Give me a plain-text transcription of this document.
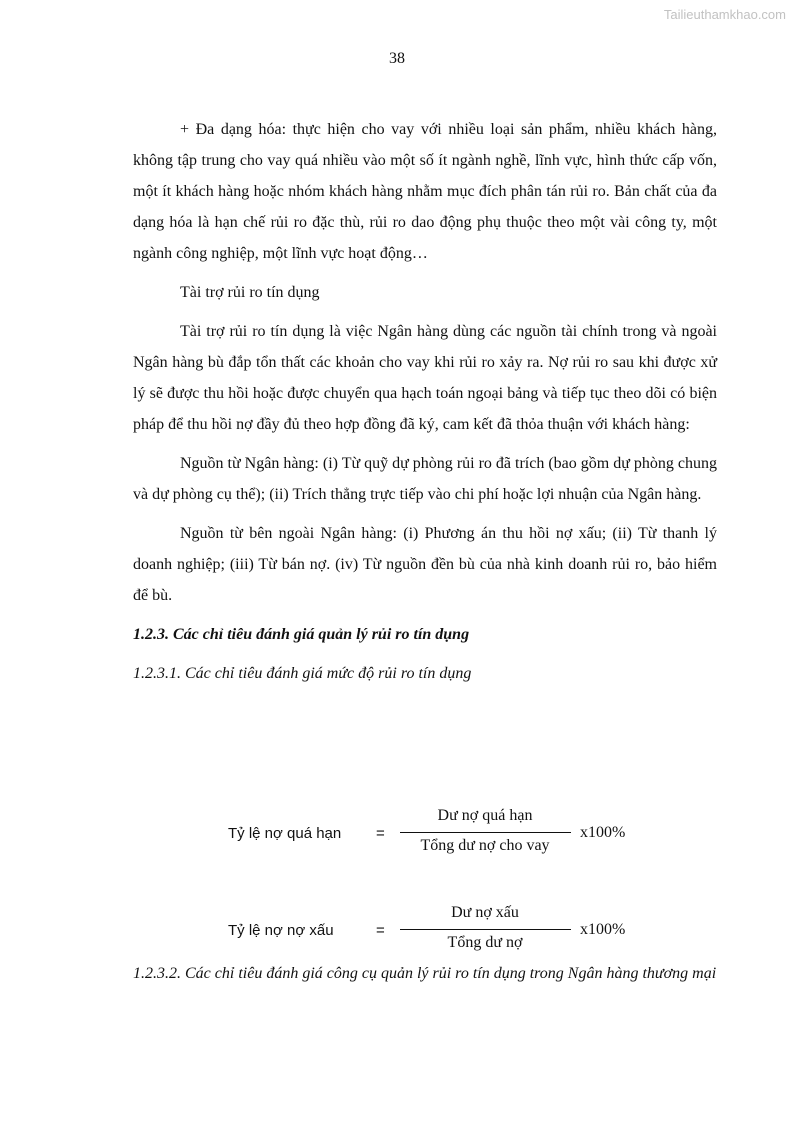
Tailieuthamkhao.com
38

+ Đa dạng hóa: thực hiện cho vay với nhiều loại sản phẩm, nhiều khách hàng, không tập trung cho vay quá nhiều vào một số ít ngành nghề, lĩnh vực, hình thức cấp vốn, một ít khách hàng hoặc nhóm khách hàng nhằm mục đích phân tán rủi ro. Bản chất của đa dạng hóa là hạn chế rủi ro đặc thù, rủi ro dao động phụ thuộc theo một vài công ty, một ngành công nghiệp, một lĩnh vực hoạt động…

Tài trợ rủi ro tín dụng

Tài trợ rủi ro tín dụng là việc Ngân hàng dùng các nguồn tài chính trong và ngoài Ngân hàng bù đắp tổn thất các khoản cho vay khi rủi ro xảy ra. Nợ rủi ro sau khi được xử lý sẽ được thu hồi hoặc được chuyển qua hạch toán ngoại bảng và tiếp tục theo dõi có biện pháp để thu hồi nợ đầy đủ theo hợp đồng đã ký, cam kết đã thỏa thuận với khách hàng:

Nguồn từ Ngân hàng: (i) Từ quỹ dự phòng rủi ro đã trích (bao gồm dự phòng chung và dự phòng cụ thể); (ii) Trích thẳng trực tiếp vào chi phí hoặc lợi nhuận của Ngân hàng.

Nguồn từ bên ngoài Ngân hàng: (i) Phương án thu hồi nợ xấu; (ii) Từ thanh lý doanh nghiệp; (iii) Từ bán nợ. (iv) Từ nguồn đền bù của nhà kinh doanh rủi ro, bảo hiểm để bù.

1.2.3. Các chỉ tiêu đánh giá quản lý rủi ro tín dụng

1.2.3.1. Các chỉ tiêu đánh giá mức độ rủi ro tín dụng

Tỷ lệ nợ quá hạn =
Dư nợ quá hạn
Tổng dư nợ cho vay
x100%
Tỷ lệ nợ nợ xấu	=
Dư nợ xấu
Tổng dư nợ
x100%

1.2.3.2. Các chỉ tiêu đánh giá công cụ quản lý rủi ro tín dụng trong Ngân hàng thương mại
